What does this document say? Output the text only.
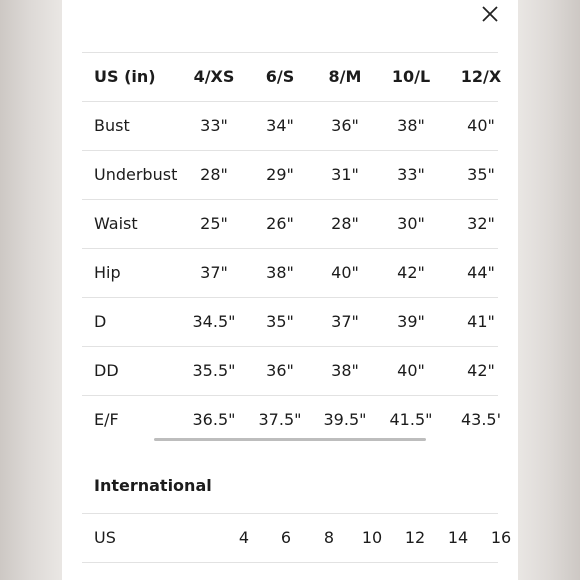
US (in)	4/XS	6/S	8/M	10/L	12/X
Bust	33"	34"	36"	38"	40"
Underbust	28"	29"	31"	33"	35"
Waist	25"	26"	28"	30"	32"
Hip	37"	38"	40"	42"	44"
D	34.5"	35"	37"	39"	41"
DD	35.5"	36"	38"	40"	42"
E/F	36.5"	37.5"	39.5"	41.5"	43.5'
International
US	4	6	8	10	12	14	16
